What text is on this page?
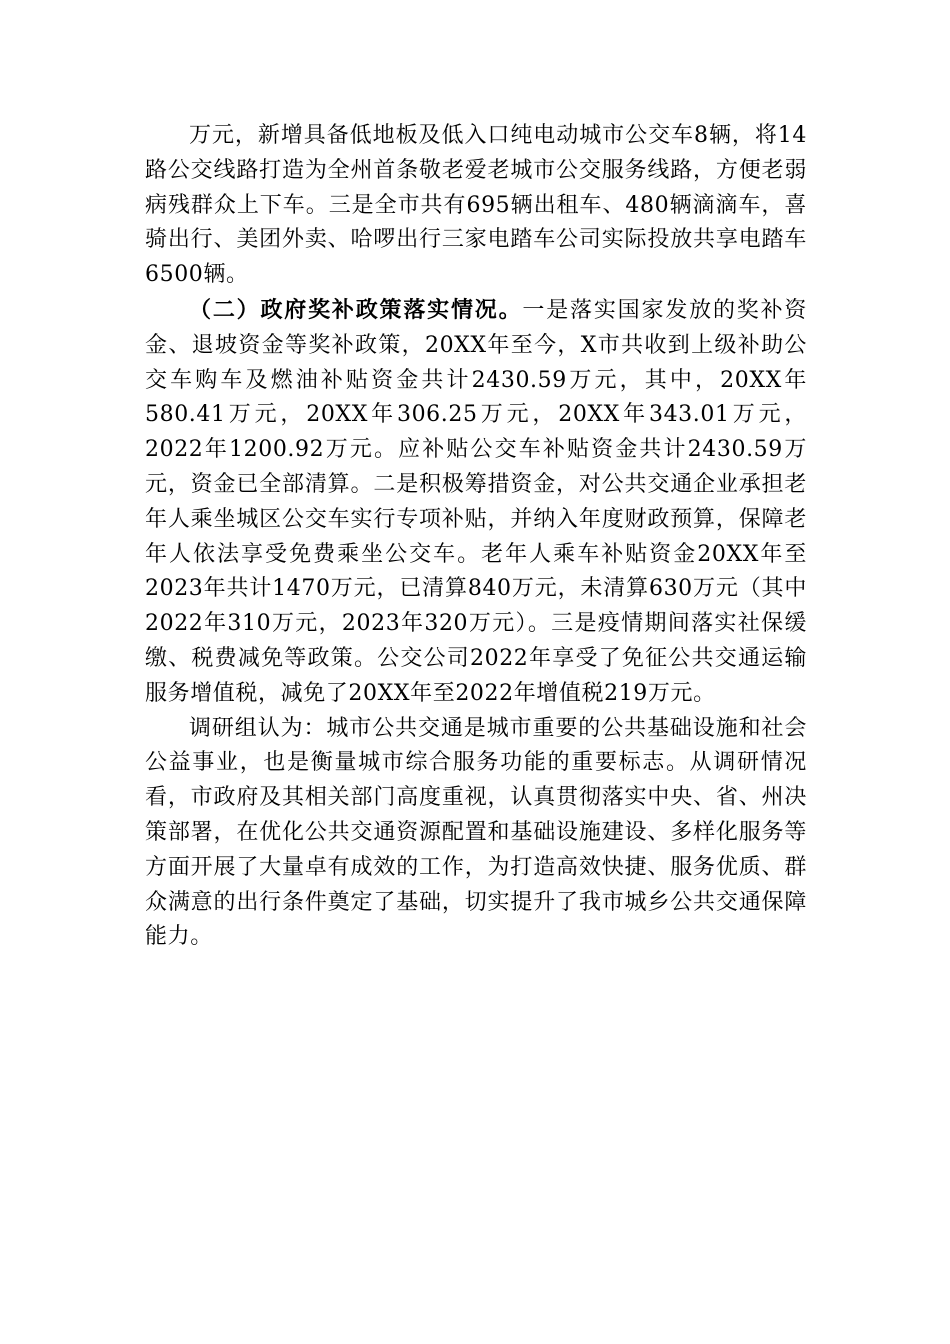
万元，新增具备低地板及低入口纯电动城市公交车8辆，将14路公交线路打造为全州首条敬老爱老城市公交服务线路，方便老弱病残群众上下车。三是全市共有695辆出租车、480辆滴滴车，喜骑出行、美团外卖、哈啰出行三家电踏车公司实际投放共享电踏车6500辆。

（二）政府奖补政策落实情况。一是落实国家发放的奖补资金、退坡资金等奖补政策，20XX年至今，X市共收到上级补助公交车购车及燃油补贴资金共计2430.59万元，其中，20XX年580.41万元，20XX年306.25万元，20XX年343.01万元，2022年1200.92万元。应补贴公交车补贴资金共计2430.59万元，资金已全部清算。二是积极筹措资金，对公共交通企业承担老年人乘坐城区公交车实行专项补贴，并纳入年度财政预算，保障老年人依法享受免费乘坐公交车。老年人乘车补贴资金20XX年至2023年共计1470万元，已清算840万元，未清算630万元（其中2022年310万元，2023年320万元）。三是疫情期间落实社保缓缴、税费减免等政策。公交公司2022年享受了免征公共交通运输服务增值税，减免了20XX年至2022年增值税219万元。

调研组认为：城市公共交通是城市重要的公共基础设施和社会公益事业，也是衡量城市综合服务功能的重要标志。从调研情况看，市政府及其相关部门高度重视，认真贯彻落实中央、省、州决策部署，在优化公共交通资源配置和基础设施建设、多样化服务等方面开展了大量卓有成效的工作，为打造高效快捷、服务优质、群众满意的出行条件奠定了基础，切实提升了我市城乡公共交通保障能力。
